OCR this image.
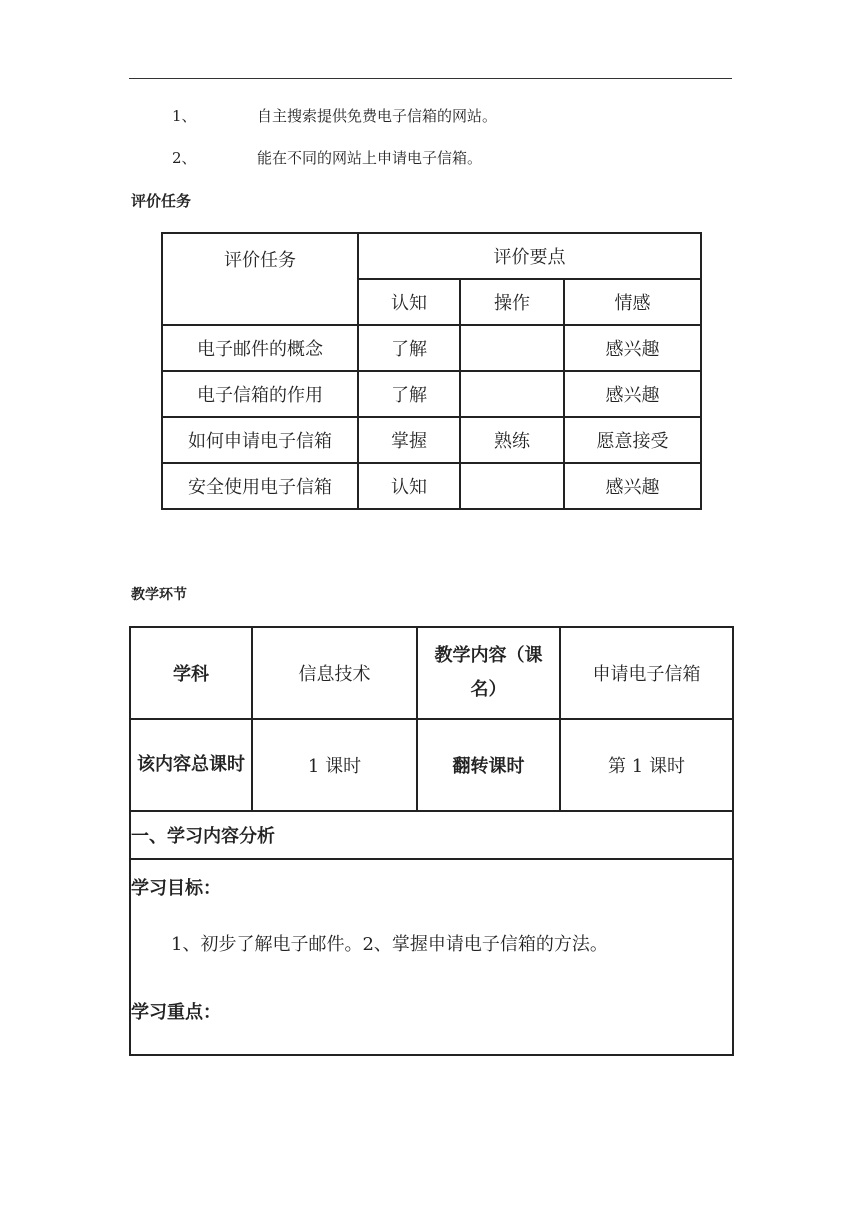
1、	自主搜索提供免费电子信箱的网站。
2、	能在不同的网站上申请电子信箱。
评价任务
评价任务	评价要点		
	认知	操作	情感
电子邮件的概念	了解		感兴趣
电子信箱的作用	了解		感兴趣
如何申请电子信箱	掌握	熟练	愿意接受
安全使用电子信箱	认知		感兴趣
教学环节
学科	信息技术	教学内容（课名）	申请电子信箱
该内容总课时	1 课时	翻转课时	第 1 课时
一、学习内容分析			

学习目标：
1、初步了解电子邮件。2、掌握申请电子信箱的方法。
学习重点：			
